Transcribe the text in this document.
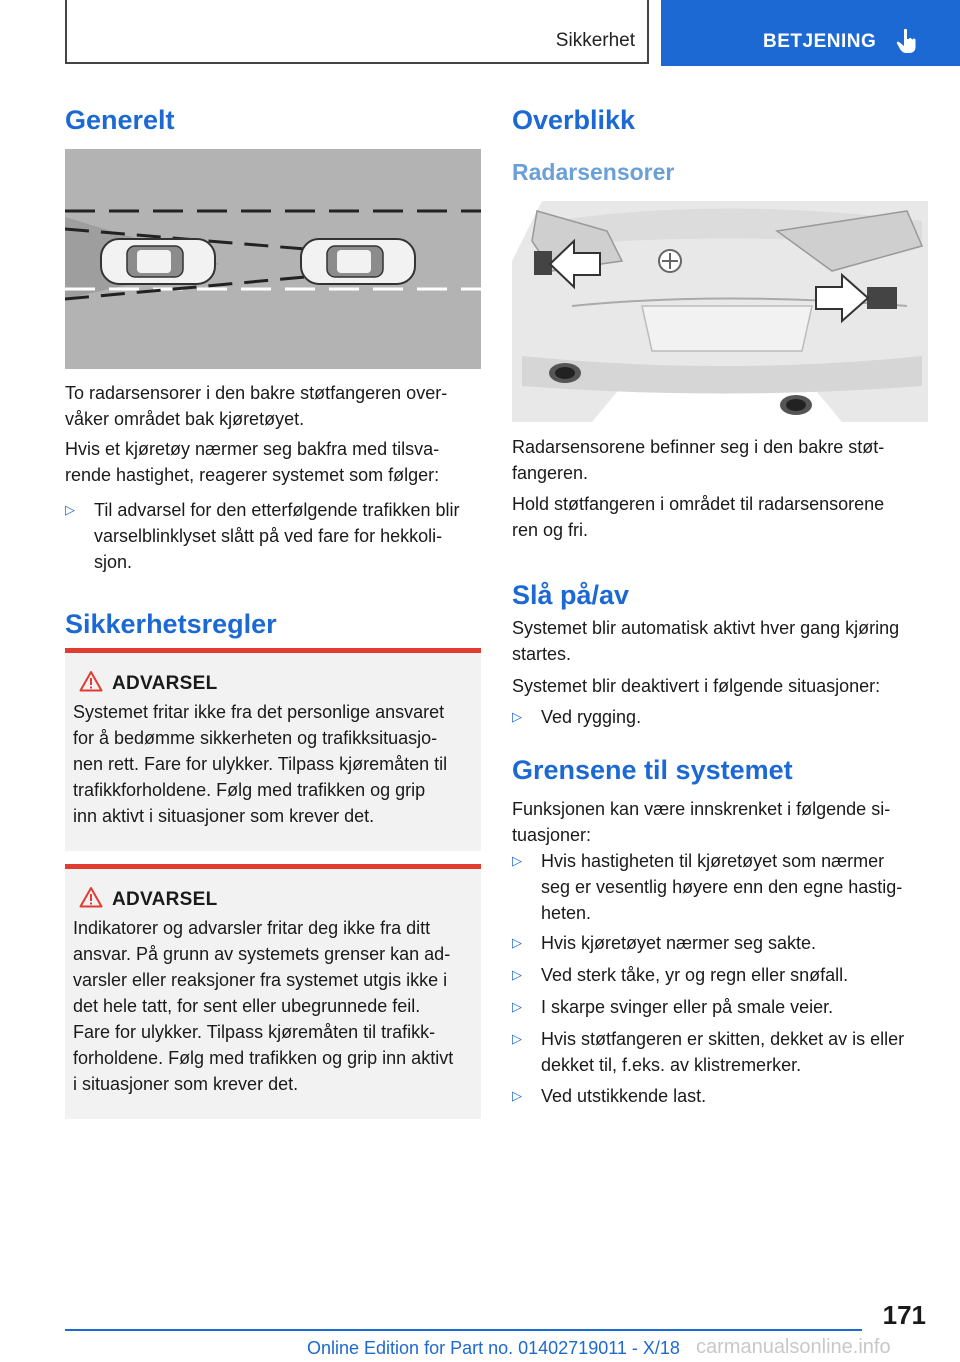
Sikkerhet	BETJENING
Generelt
To radarsensorer i den bakre støtfangeren over‐
våker området bak kjøretøyet.
Hvis et kjøretøy nærmer seg bakfra med tilsva‐
rende hastighet, reagerer systemet som følger:
▷ Til advarsel for den etterfølgende trafikken blir
varselblinklyset slått på ved fare for hekkoli‐
sjon.
Sikkerhetsregler
ADVARSEL
Systemet fritar ikke fra det personlige ansvaret
for å bedømme sikkerheten og trafikksituasjo‐
nen rett. Fare for ulykker. Tilpass kjøremåten til
trafikkforholdene. Følg med trafikken og grip
inn aktivt i situasjoner som krever det.
ADVARSEL
Indikatorer og advarsler fritar deg ikke fra ditt
ansvar. På grunn av systemets grenser kan ad‐
varsler eller reaksjoner fra systemet utgis ikke i
det hele tatt, for sent eller ubegrunnede feil.
Fare for ulykker. Tilpass kjøremåten til trafikk‐
forholdene. Følg med trafikken og grip inn aktivt
i situasjoner som krever det.
Overblikk
Radarsensorer
Radarsensorene befinner seg i den bakre støt‐
fangeren.
Hold støtfangeren i området til radarsensorene
ren og fri.
Slå på/av
Systemet blir automatisk aktivt hver gang kjøring
startes.
Systemet blir deaktivert i følgende situasjoner:
▷ Ved rygging.
Grensene til systemet
Funksjonen kan være innskrenket i følgende si‐
tuasjoner:
▷ Hvis hastigheten til kjøretøyet som nærmer
seg er vesentlig høyere enn den egne hastig‐
heten.
▷ Hvis kjøretøyet nærmer seg sakte.
▷ Ved sterk tåke, yr og regn eller snøfall.
▷ I skarpe svinger eller på smale veier.
▷ Hvis støtfangeren er skitten, dekket av is eller
dekket til, f.eks. av klistremerker.
▷ Ved utstikkende last.
171
Online Edition for Part no. 01402719011 - X/18 carmanualsonline.info
